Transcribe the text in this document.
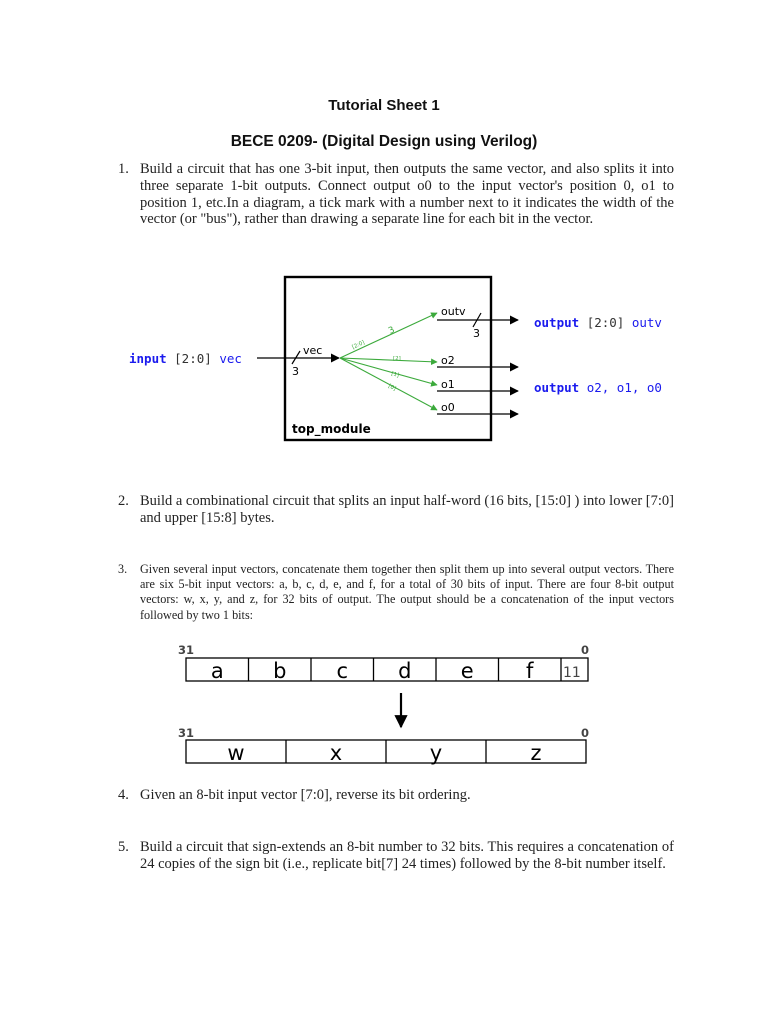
Tutorial Sheet 1
BECE 0209- (Digital Design using Verilog)
1. Build a circuit that has one 3-bit input, then outputs the same vector, and also splits it into three separate 1-bit outputs. Connect output o0 to the input vector's position 0, o1 to position 1, etc.In a diagram, a tick mark with a number next to it indicates the width of the vector (or "bus"), rather than drawing a separate line for each bit in the vector.
3
vec
input [2:0] vec
3
[2:0]
[2]
[1]
[0]
3
outv
o2
o1
o0
top_module
output [2:0] outv
output o2, o1, o0
2. Build a combinational circuit that splits an input half-word (16 bits, [15:0] ) into lower [7:0] and upper [15:8] bytes.
3. Given several input vectors, concatenate them together then split them up into several output vectors. There are six 5-bit input vectors: a, b, c, d, e, and f, for a total of 30 bits of input. There are four 8-bit output vectors: w, x, y, and z, for 32 bits of output. The output should be a concatenation of the input vectors followed by two 1 bits:
31	0
a b c d e f 11
31	0
w	x	y	z
4. Given an 8-bit input vector [7:0], reverse its bit ordering.
5. Build a circuit that sign-extends an 8-bit number to 32 bits. This requires a concatenation of 24 copies of the sign bit (i.e., replicate bit[7] 24 times) followed by the 8-bit number itself.
